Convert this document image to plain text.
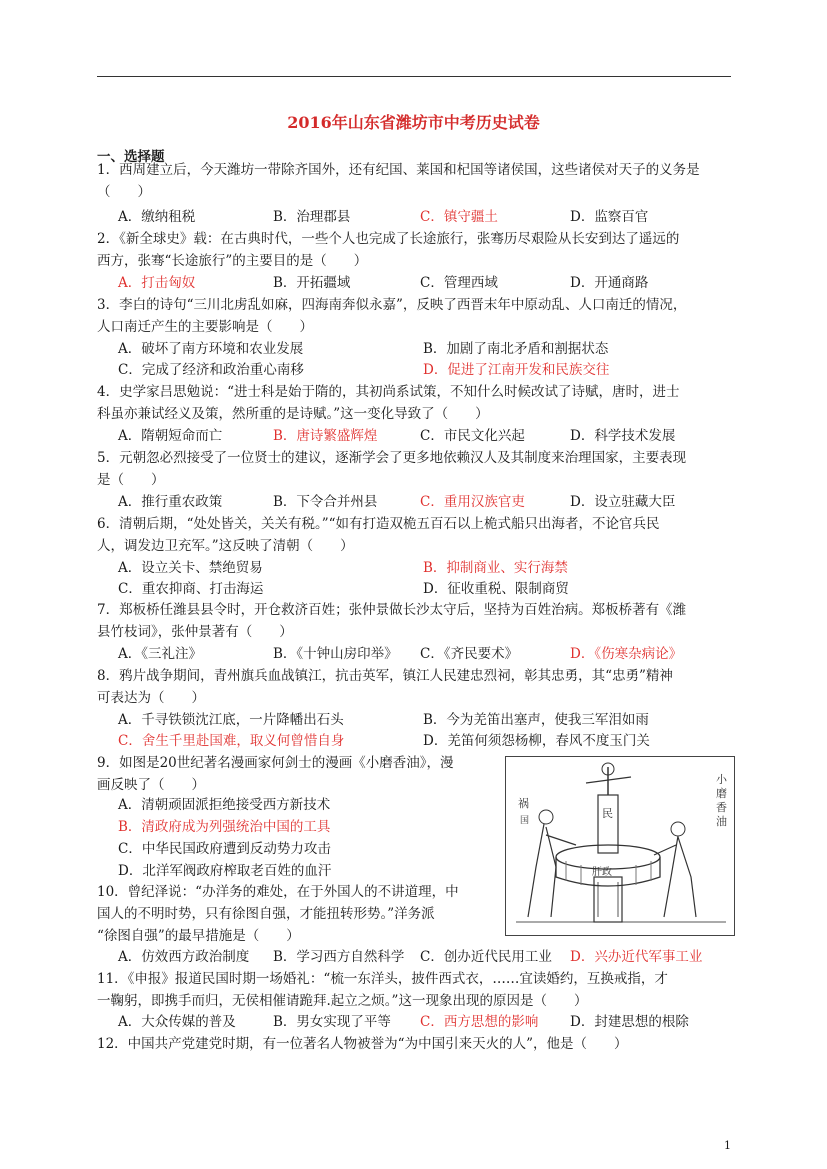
2016年山东省潍坊市中考历史试卷
一、选择题
1．西周建立后，今天潍坊一带除齐国外，还有纪国、莱国和杞国等诸侯国，这些诸侯对天子的义务是
（　　）
A．缴纳租税	B．治理郡县	C．镇守疆土	D．监察百官
2．《新全球史》载：在古典时代，一些个人也完成了长途旅行，张骞历尽艰险从长安到达了遥远的
西方，张骞“长途旅行”的主要目的是（　　）
A．打击匈奴	B．开拓疆域	C．管理西域	D．开通商路
3．李白的诗句“三川北虏乱如麻，四海南奔似永嘉”，反映了西晋末年中原动乱、人口南迁的情况，
人口南迁产生的主要影响是（　　）
A．破坏了南方环境和农业发展	B．加剧了南北矛盾和割据状态
C．完成了经济和政治重心南移	D．促进了江南开发和民族交往
4．史学家吕思勉说：“进士科是始于隋的，其初尚系试策，不知什么时候改试了诗赋，唐时，进士
科虽亦兼试经义及策，然所重的是诗赋。”这一变化导致了（　　）
A．隋朝短命而亡	B．唐诗繁盛辉煌	C．市民文化兴起	D．科学技术发展
5．元朝忽必烈接受了一位贤士的建议，逐渐学会了更多地依赖汉人及其制度来治理国家，主要表现
是（　　）
A．推行重农政策	B．下令合并州县	C．重用汉族官吏	D．设立驻藏大臣
6．清朝后期，“处处皆关，关关有税。”“如有打造双桅五百石以上桅式船只出海者，不论官兵民
人，调发边卫充军。”这反映了清朝（　　）
A．设立关卡、禁绝贸易	B．抑制商业、实行海禁
C．重农抑商、打击海运	D．征收重税、限制商贸
7．郑板桥任潍县县令时，开仓救济百姓；张仲景做长沙太守后，坚持为百姓治病。郑板桥著有《潍
县竹枝词》，张仲景著有（　　）
A．《三礼注》	B．《十钟山房印举》 C．《齐民要术》	D．《伤寒杂病论》
8．鸦片战争期间，青州旗兵血战镇江，抗击英军，镇江人民建忠烈祠，彰其忠勇，其“忠勇”精神
可表达为（　　）
A．千寻铁锁沈江底，一片降幡出石头	B．今为羌笛出塞声，使我三军泪如雨
C．舍生千里赴国难，取义何曾惜自身	D．羌笛何须怨杨柳，春风不度玉门关
9．如图是20世纪著名漫画家何剑士的漫画《小磨香油》，漫
画反映了（　　）
A．清朝顽固派拒绝接受西方新技术
B．清政府成为列强统治中国的工具
C．中华民国政府遭到反动势力攻击
D．北洋军阀政府榨取老百姓的血汗
10．曾纪泽说：“办洋务的难处，在于外国人的不讲道理，中
国人的不明时势，只有徐图自强，才能扭转形势。”洋务派
“徐图自强”的最早措施是（　　）
A．仿效西方政治制度 B．学习西方自然科学 C．创办近代民用工业 D．兴办近代军事工业
11．《申报》报道民国时期一场婚礼：“梳一东洋头，披件西式衣，……宜读婚约，互换戒指，才
一鞠躬，即携手而归，无侯相催请跪拜.起立之烦。”这一现象出现的原因是（　　）
A．大众传媒的普及	B．男女实现了平等 C．西方思想的影响 D．封建思想的根除
12．中国共产党建党时期，有一位著名人物被誉为“为中国引来天火的人”，他是（　　）
小
磨
香
油
祸
国
民
肝政
1
